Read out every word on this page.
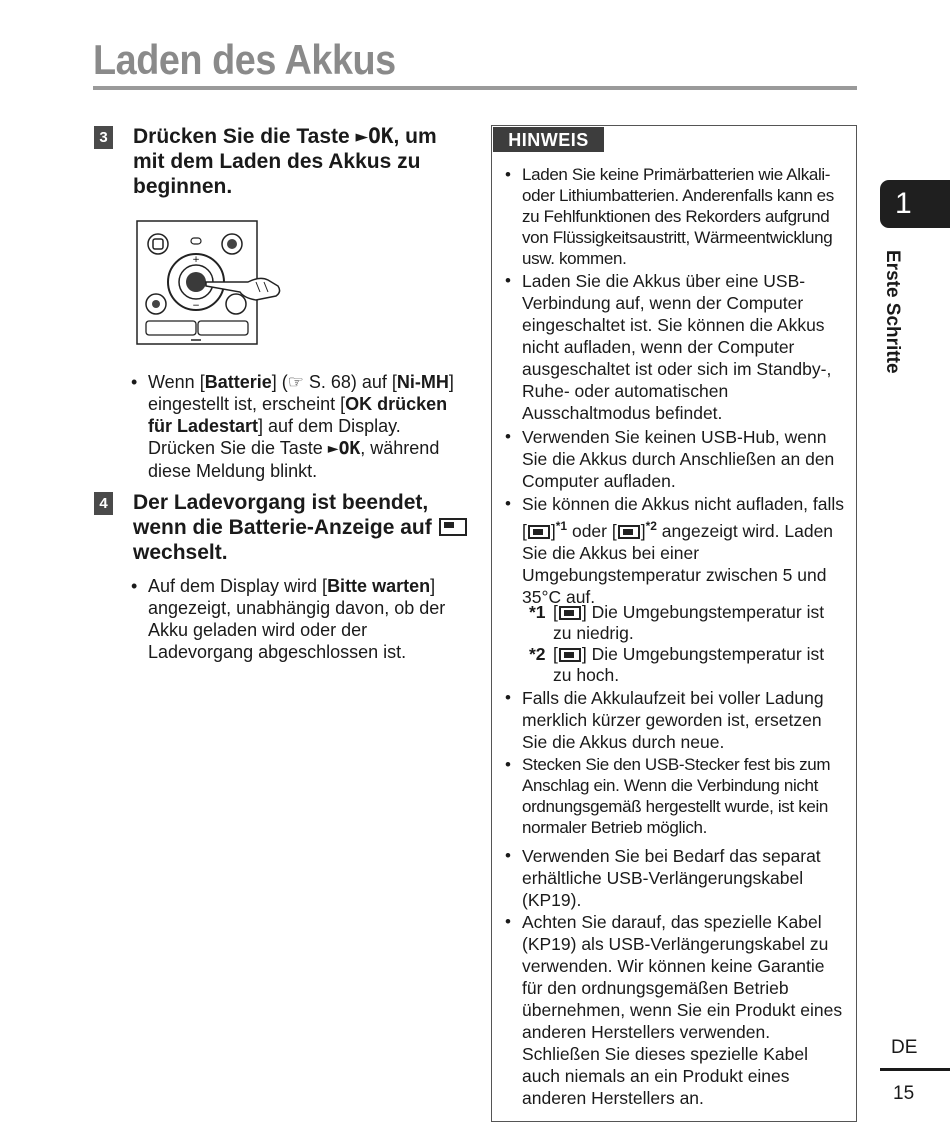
Laden des Akkus
3 Drücken Sie die Taste ►OK, um mit dem Laden des Akkus zu beginnen.
+
−
• Wenn [Batterie] (☞ S. 68) auf [Ni-MH] eingestellt ist, erscheint [OK drücken für Ladestart] auf dem Display. Drücken Sie die Taste ►OK, während diese Meldung blinkt.
4 Der Ladevorgang ist beendet, wenn die Batterie-Anzeige auf  wechselt.
• Auf dem Display wird [Bitte warten] angezeigt, unabhängig davon, ob der Akku geladen wird oder der Ladevorgang abgeschlossen ist.
HINWEIS
• Laden Sie keine Primärbatterien wie Alkali- oder Lithiumbatterien. Anderenfalls kann es zu Fehlfunktionen des Rekorders aufgrund von Flüssigkeitsaustritt, Wärmeentwicklung usw. kommen.
• Laden Sie die Akkus über eine USB-Verbindung auf, wenn der Computer eingeschaltet ist. Sie können die Akkus nicht aufladen, wenn der Computer ausgeschaltet ist oder sich im Standby-, Ruhe- oder automatischen Ausschaltmodus befindet.
• Verwenden Sie keinen USB-Hub, wenn Sie die Akkus durch Anschließen an den Computer aufladen.
• Sie können die Akkus nicht aufladen, falls [ ]$^{*1}$ oder [ ]$^{*2}$ angezeigt wird. Laden Sie die Akkus bei einer Umgebungstemperatur zwischen 5 und 35°C auf.
*1 [ ] Die Umgebungstemperatur ist zu niedrig.
*2 [ ] Die Umgebungstemperatur ist zu hoch.
• Falls die Akkulaufzeit bei voller Ladung merklich kürzer geworden ist, ersetzen Sie die Akkus durch neue.
• Stecken Sie den USB-Stecker fest bis zum Anschlag ein. Wenn die Verbindung nicht ordnungsgemäß hergestellt wurde, ist kein normaler Betrieb möglich.
• Verwenden Sie bei Bedarf das separat erhältliche USB-Verlängerungskabel (KP19).
• Achten Sie darauf, das spezielle Kabel (KP19) als USB-Verlängerungskabel zu verwenden. Wir können keine Garantie für den ordnungsgemäßen Betrieb übernehmen, wenn Sie ein Produkt eines anderen Herstellers verwenden. Schließen Sie dieses spezielle Kabel auch niemals an ein Produkt eines anderen Herstellers an.
1
Erste Schritte
DE
15
